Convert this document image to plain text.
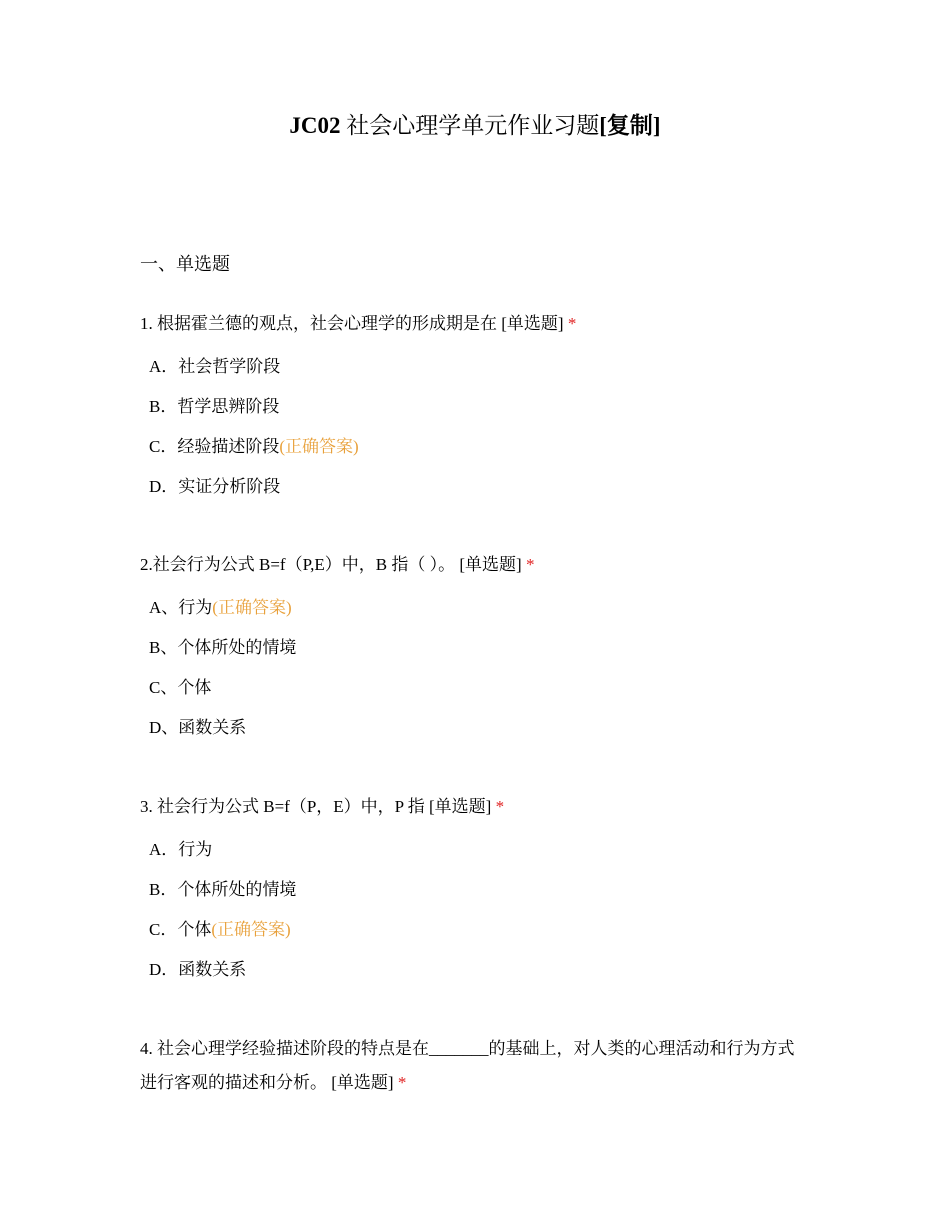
JC02 社会心理学单元作业习题[复制]
一、单选题
1. 根据霍兰德的观点，社会心理学的形成期是在 [单选题] *
A．社会哲学阶段
B．哲学思辨阶段
C．经验描述阶段(正确答案)
D．实证分析阶段
2.社会行为公式 B=f（P,E）中，B 指（ ）。 [单选题] *
A、行为(正确答案)
B、个体所处的情境
C、个体
D、函数关系
3. 社会行为公式 B=f（P，E）中，P 指 [单选题] *
A．行为
B．个体所处的情境
C．个体(正确答案)
D．函数关系
4. 社会心理学经验描述阶段的特点是在_______的基础上，对人类的心理活动和行为方式进行客观的描述和分析。 [单选题] *
